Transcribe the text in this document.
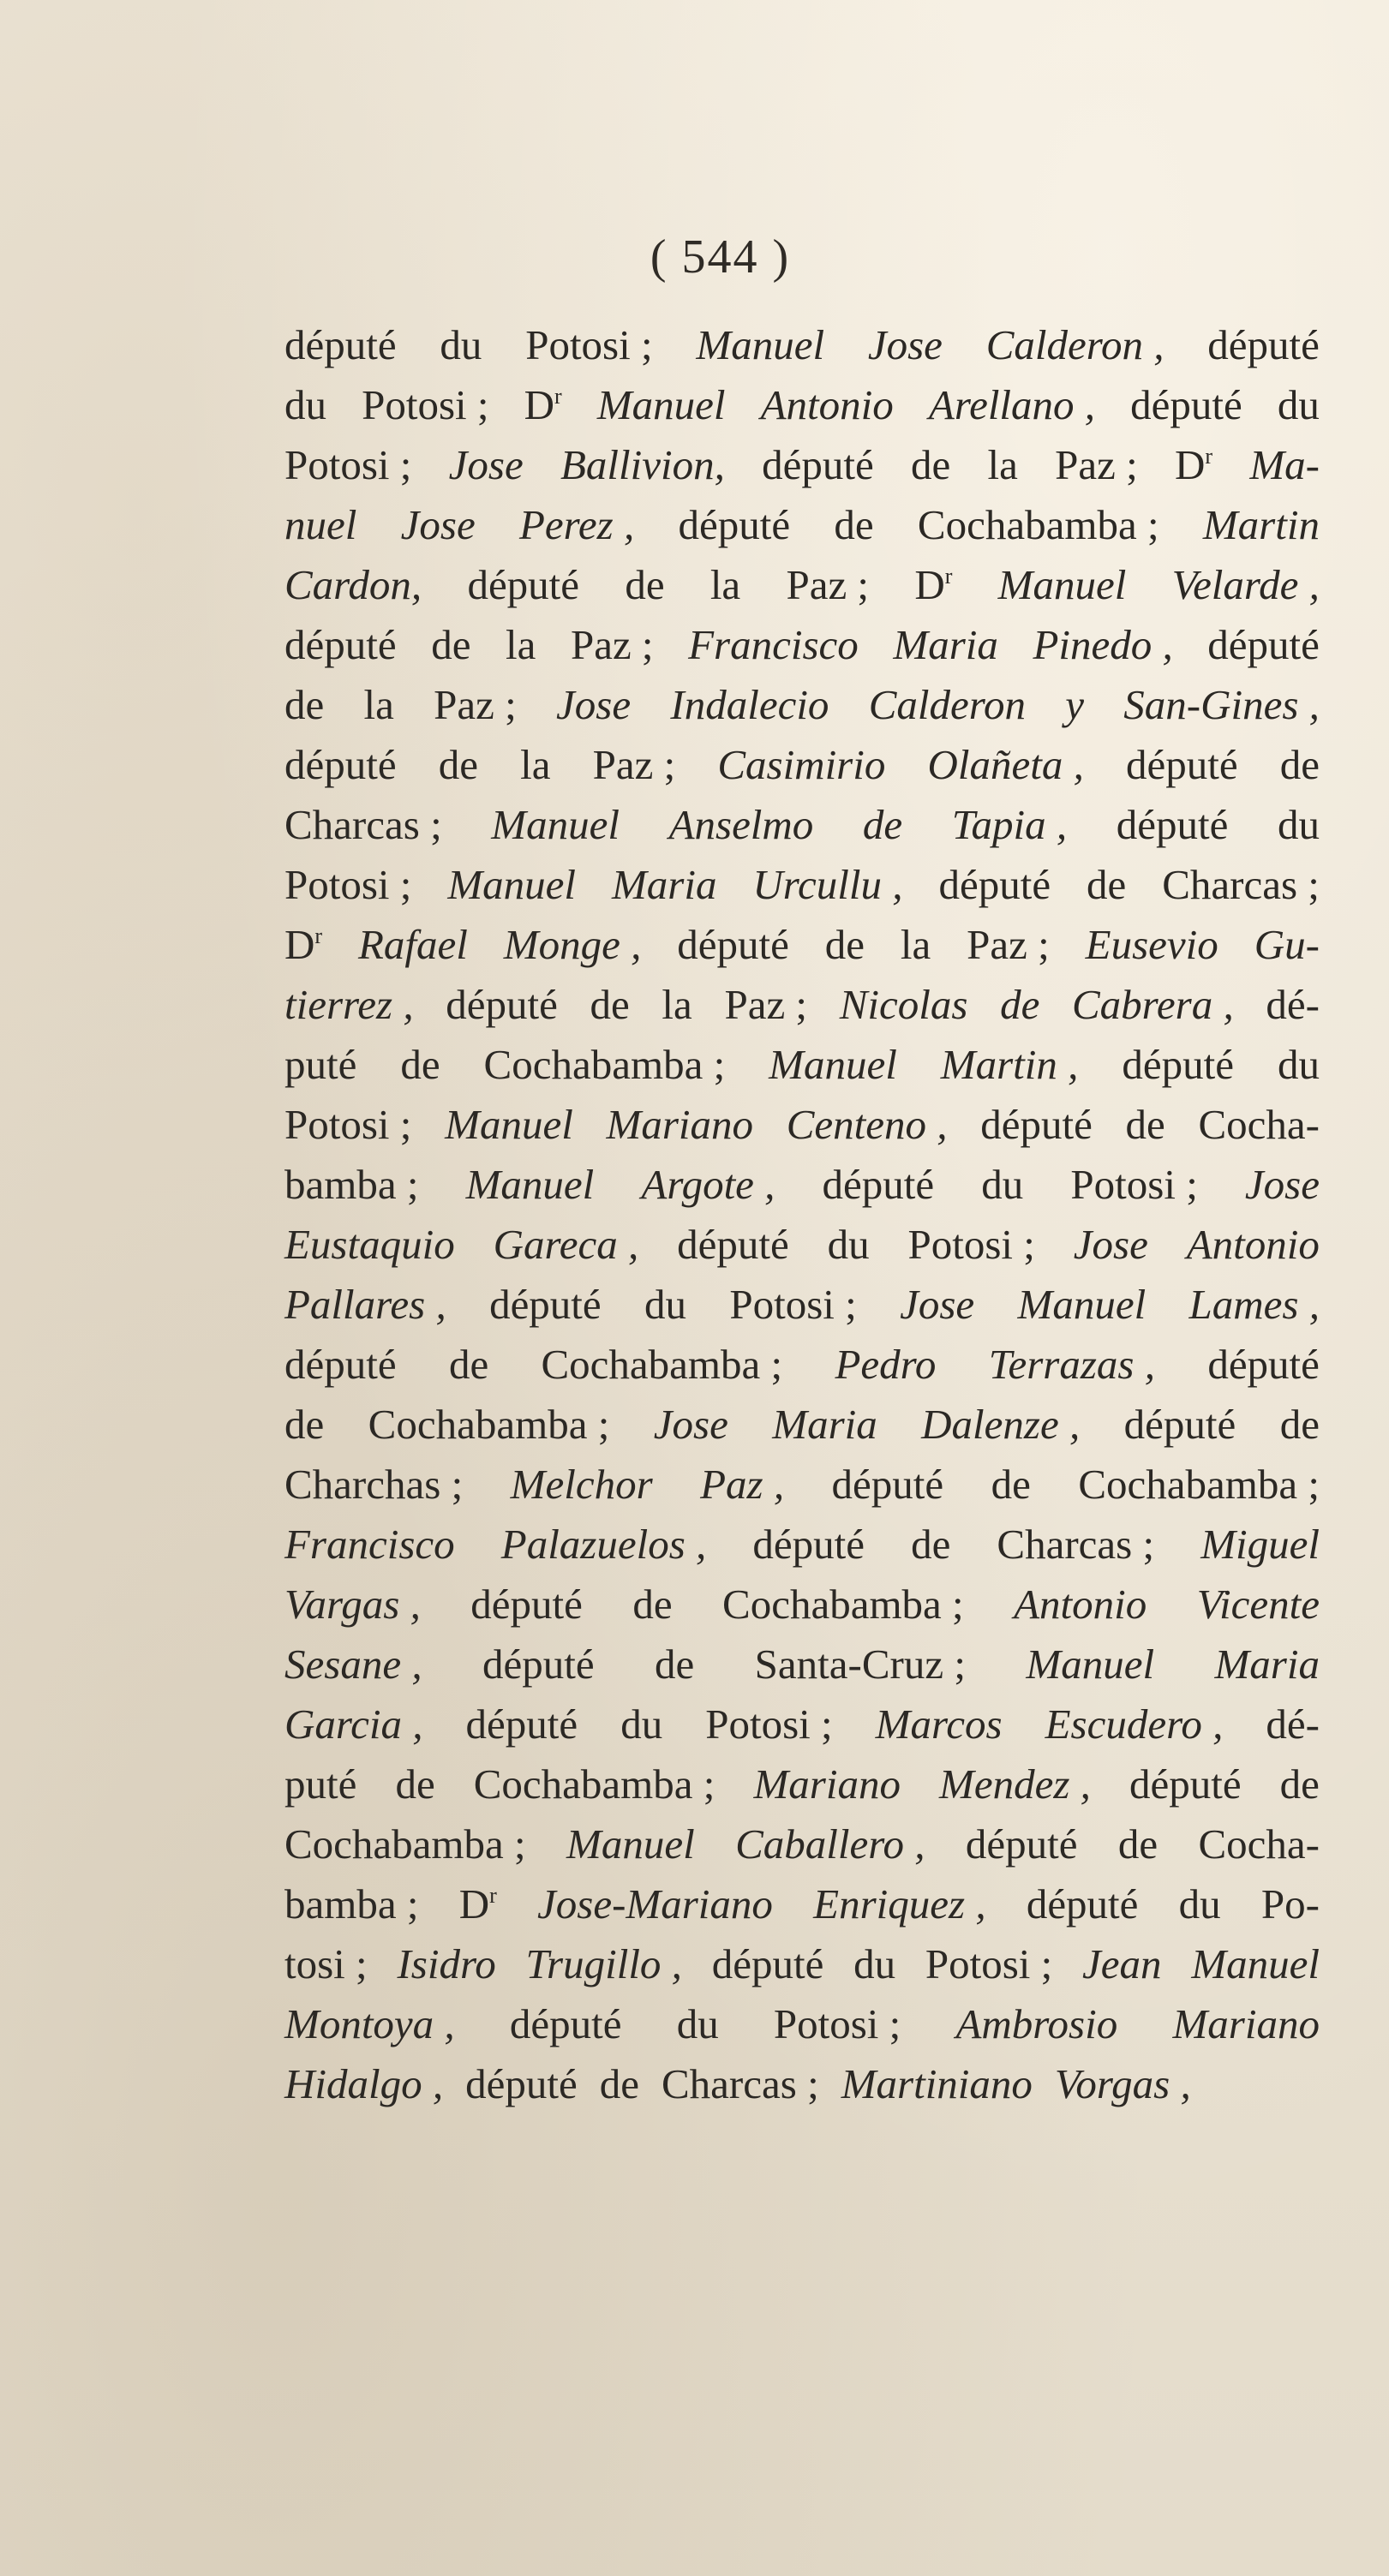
( 544 )
député du Potosi ; Manuel Jose Calderon , député
du Potosi ; $D^r$ Manuel Antonio Arellano , député du
Potosi ; Jose Ballivion, député de la Paz ; $D^r$ Ma-
nuel Jose Perez , député de Cochabamba ; Martin
Cardon, député de la Paz ; $D^r$ Manuel Velarde ,
député de la Paz ; Francisco Maria Pinedo , député
de la Paz ; Jose Indalecio Calderon y San-Gines ,
député de la Paz ; Casimirio Olañeta , député de
Charcas ; Manuel Anselmo de Tapia , député du
Potosi ; Manuel Maria Urcullu , député de Charcas ;
$D^r$ Rafael Monge , député de la Paz ; Eusevio Gu-
tierrez , député de la Paz ; Nicolas de Cabrera , dé-
puté de Cochabamba ; Manuel Martin , député du
Potosi ; Manuel Mariano Centeno , député de Cocha-
bamba ; Manuel Argote , député du Potosi ; Jose
Eustaquio Gareca , député du Potosi ; Jose Antonio
Pallares , député du Potosi ; Jose Manuel Lames ,
député de Cochabamba ; Pedro Terrazas , député
de Cochabamba ; Jose Maria Dalenze , député de
Charchas ; Melchor Paz , député de Cochabamba ;
Francisco Palazuelos , député de Charcas ; Miguel
Vargas , député de Cochabamba ; Antonio Vicente
Sesane , député de Santa-Cruz ; Manuel Maria
Garcia , député du Potosi ; Marcos Escudero , dé-
puté de Cochabamba ; Mariano Mendez , député de
Cochabamba ; Manuel Caballero , député de Cocha-
bamba ; $D^r$ Jose-Mariano Enriquez , député du Po-
tosi ; Isidro Trugillo , député du Potosi ; Jean Manuel
Montoya , député du Potosi ; Ambrosio Mariano
Hidalgo , député de Charcas ; Martiniano Vorgas ,
